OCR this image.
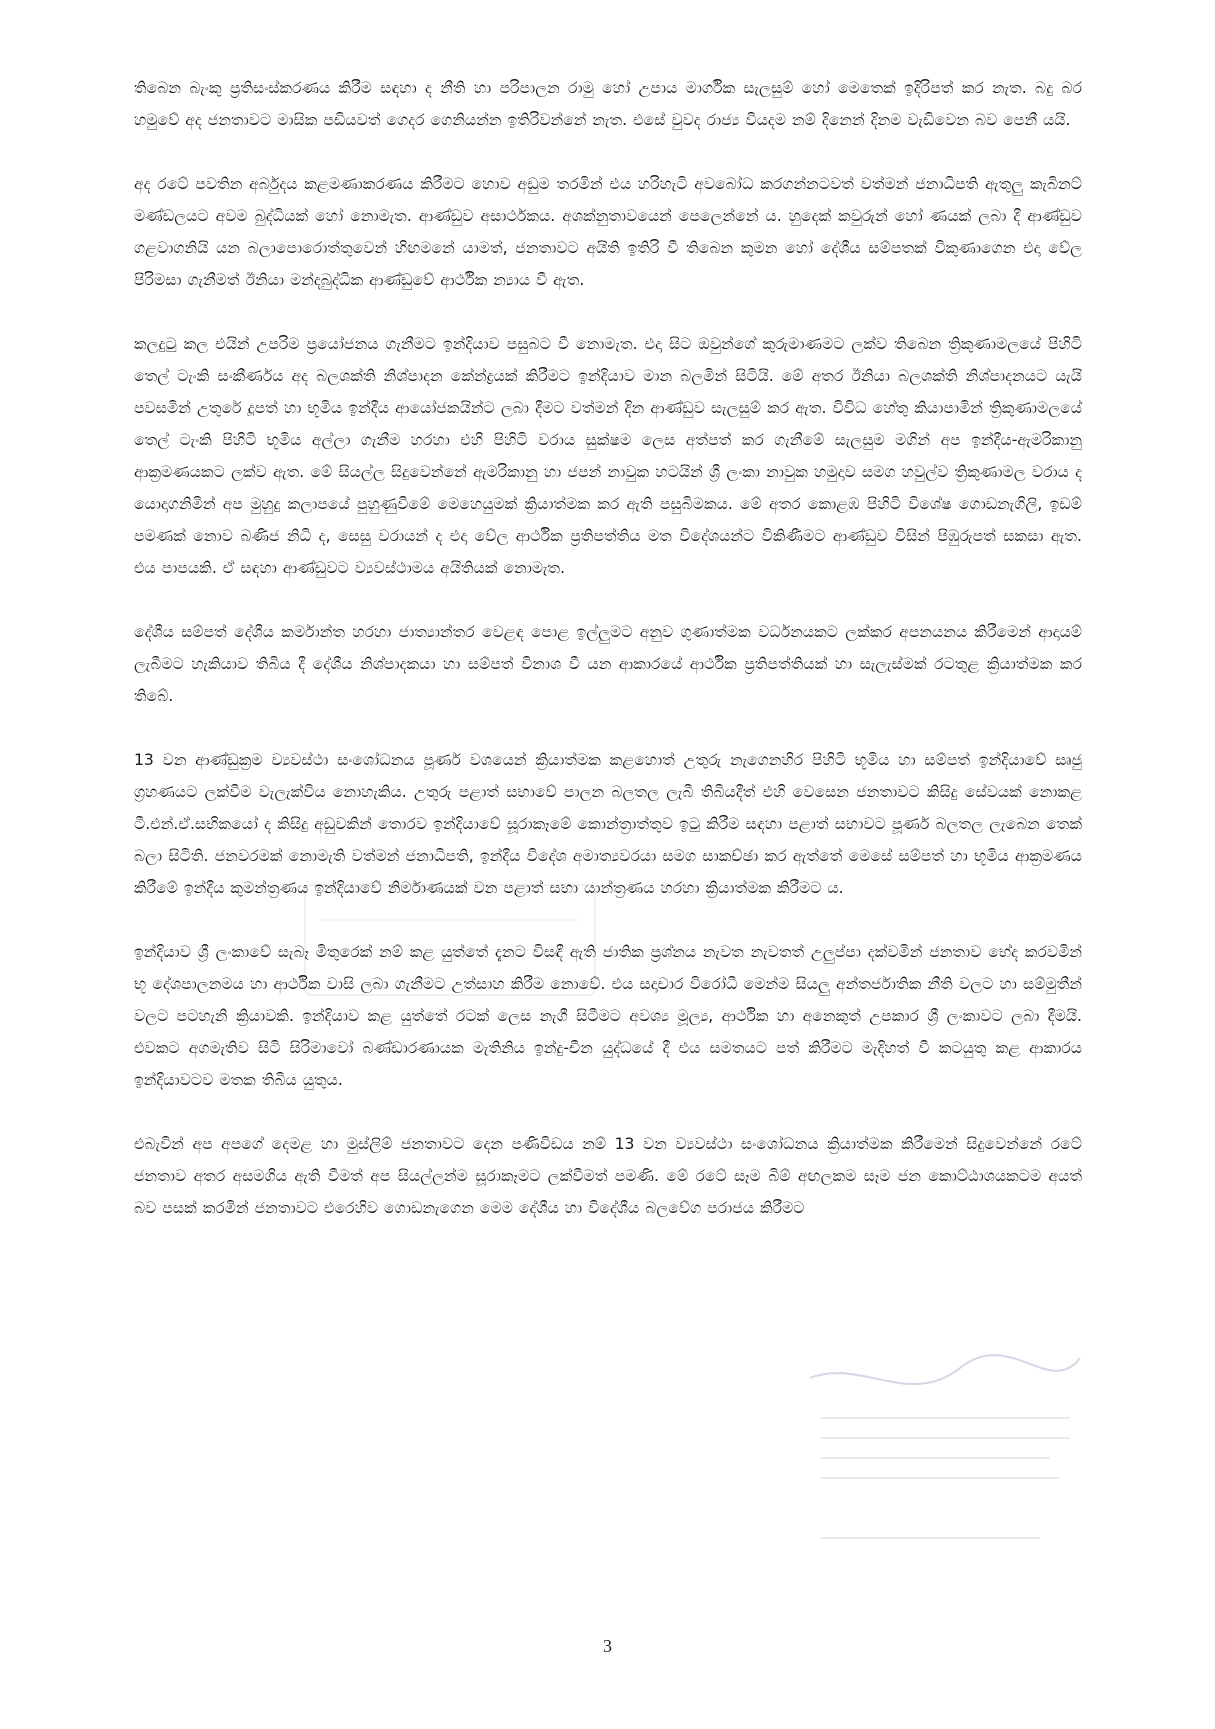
තිබෙන බැංකු ප්‍රතිසංස්කරණය කිරීම සඳහා ද නීති හා පරිපාලන රාමු හෝ උපාය මාර්ගික සැලසුම් හෝ මෙතෙක් ඉදිරිපත් කර නැත. බදු බර හමුවේ අද ජනතාවට මාසික පඩියවත් ගෙදර ගෙනියන්න ඉතිරිවන්නේ නැත. එසේ වුවද රාජ්‍ය වියදම නම් දිනෙන් දිනම වැඩිවෙන බව පෙනී යයි.

අද රටේ පවතින අර්බුදය කළමණාකරණය කිරීමට හොව අඩුම තරමින් එය හරිහැටි අවබෝධ කරගන්නටවත් වත්මන් ජනාධිපති ඇතුලු කැබිනට් මණ්ඩලයට අවම බුද්ධියක් හෝ නොමැත. ආණ්ඩුව අසාර්ථකය. අශක්නුතාවයෙන් පෙලෙන්නේ ය. හුදෙක් කවුරුන් හෝ ණයක් ලබා දී ආණ්ඩුව ගළවාගනියි යන බලාපොරොත්තුවෙන් හිඟමනේ යාමත්, ජනතාවට අයිති ඉතිරි වී තිබෙන කුමන හෝ දේශීය සම්පතක් විකුණාගෙන එදා වේල පිරිමසා ගැනීමත් ඊනියා මන්දබුද්ධික ආණ්ඩුවේ ආර්ථික න්‍යාය වී ඇත.

කලදුටු කල එයින් උපරිම ප්‍රයෝජනය ගැනීමට ඉන්දියාව පසුබට වී නොමැත. එදා සිට ඔවුන්ගේ කුරුමාණමට ලක්ව තිබෙන ත්‍රිකුණාමලයේ පිහිටි තෙල් ටැංකි සංකීර්ණය අද බලශක්ති නිශ්පාදන කේන්ද්‍රයක් කිරීමට ඉන්දියාව මාන බලමින් සිටියි. මේ අතර ඊනියා බලශක්ති නිශ්පාදනයට යැයි පවසමින් උතුරේ දූපත් හා භූමිය ඉන්දීය ආයෝජකයින්ට ලබා දීමට වත්මන් දින ආණ්ඩුව සැලසුම් කර ඇත. විවිධ හේතු කියාපාමින් ත්‍රිකුණාමලයේ තෙල් ටැංකි පිහිටි භූමිය අල්ලා ගැනීම හරහා එහි පිහිටි වරාය සුක්ෂම ලෙස අත්පත් කර ගැනීමේ සැලසුම මගින් අප ඉන්දීය-ඇමරිකානු ආක්‍රමණයකට ලක්ව ඇත. මේ සියල්ල සිදුවෙන්නේ ඇමරිකානු හා ජපන් නාවුක හටයින් ශ්‍රී ලංකා නාවුක හමුදාව සමග හවුල්ව ත්‍රිකුණාමල වරාය ද යොදාගනිමින් අප මුහුදු කලාපයේ පුහුණුවීමේ මෙහෙයුමක් ක්‍රියාත්මක කර ඇති පසුබිමකය. මේ අතර කොළඹ පිහිටි විශේෂ ගොඩනැගිලි, ඉඩම් පමණක් නොව බණිජ නිධි ද, සෙසු වරායන් ද එදා වේල ආර්ථික ප්‍රතිපත්තිය මත විදේශයන්ට විකිණීමට ආණ්ඩුව විසින් පිඹුරුපත් සකසා ඇත. එය පාපයකි. ඒ සඳහා ආණ්ඩුවට ව්‍යවස්ථාමය අයිතියක් නොමැත.

දේශීය සම්පත් දේශීය කර්මාන්ත හරහා ජාත්‍යාන්තර වෙළඳ පොළ ඉල්ලුමට අනුව ගුණාත්මක වර්ධනයකට ලක්කර අපනයනය කිරීමෙන් ආදායම් ලැබීමට හැකියාව තිබිය දී දේශීය නිශ්පාදකයා හා සම්පත් විනාශ වී යන ආකාරයේ ආර්ථික ප්‍රතිපත්තියක් හා සැලැස්මක් රටතුළ ක්‍රියාත්මක කර තිබේ.

13 වන ආණ්ඩුක්‍රම ව්‍යවස්ථා සංශෝධනය පූර්ණ වශයෙන් ක්‍රියාත්මක කළහොත් උතුරු නැගෙනහිර පිහිටි භූමිය හා සම්පත් ඉන්දියාවේ සෘජු ග්‍රහණයට ලක්වීම වැලැක්විය නොහැකිය. උතුරු පළාත් සභාවේ පාලන බලතල ලැබී තිබියදීත් එහි වෙසෙන ජනතාවට කිසිදු සේවයක් නොකළ ටී.එන්.ඒ.සභිකයෝ ද කිසිදු අඩුවකින් තොරව ඉන්දියාවේ සූරාකෑමේ කොන්ත්‍රාත්තුව ඉටු කිරීම සඳහා පළාත් සභාවට පූර්ණ බලතල ලැබෙන තෙක් බලා සිටිති. ජනවරමක් නොමැති වත්මන් ජනාධිපති, ඉන්දීය විදේශ අමාත්‍යවරයා සමග සාකච්ඡා කර ඇත්තේ මෙසේ සම්පත් හා භූමිය ආක්‍රමණය කිරීමේ ඉන්දීය කුමන්ත්‍රණය ඉන්දියාවේ නිර්මාණයක් වන පළාත් සභා යාන්ත්‍රණය හරහා ක්‍රියාත්මක කිරීමට ය.

ඉන්දියාව ශ්‍රී ලංකාවේ සැබෑ මිතුරෙක් නම් කළ යුත්තේ දැනට විසඳී ඇති ජාතික ප්‍රශ්නය නැවත නැවතත් උලුප්පා දක්වමින් ජනතාව භේද කරවමින් භූ දේශපාලනමය හා ආර්ථික වාසි ලබා ගැනීමට උත්සාහ කිරීම නොවේ. එය සදාචාර විරෝධී මෙන්ම සියලු අන්තර්ජාතික නීති වලට හා සම්මුතීන් වලට පටහැනි ක්‍රියාවකි. ඉන්දියාව කළ යුත්තේ රටක් ලෙස නැගී සිටීමට අවශ්‍ය මූල්‍ය, ආර්ථික හා අනෙකුත් උපකාර ශ්‍රී ලංකාවට ලබා දීමයි. එවකට අගමැතිව සිටි සිරිමාවෝ බණ්ඩාරණායක මැතිනිය ඉන්දු-චීන යුද්ධයේ දී එය සමතයට පත් කිරීමට මැදිහත් වී කටයුතු කළ ආකාරය ඉන්දියාවටව මතක තිබිය යුතුය.

එබැවින් අප අපගේ දෙමළ හා මුස්ලිම් ජනතාවට දෙන පණිවිඩය නම් 13 වන ව්‍යවස්ථා සංශෝධනය ක්‍රියාත්මක කිරීමෙන් සිදුවෙන්නේ රටේ ජනතාව අතර අසමගිය ඇති වීමත් අප සියල්ලන්ම සූරාකෑමට ලක්වීමත් පමණි. මේ රටේ සෑම බිම් අඟලකම සෑම ජන කොට්ඨාශයකටම අයත් බව පසක් කරමින් ජනතාවට එරෙහිව ගොඩනැගෙන මෙම දේශීය හා විදේශීය බලවේග පරාජය කිරීමට

3
